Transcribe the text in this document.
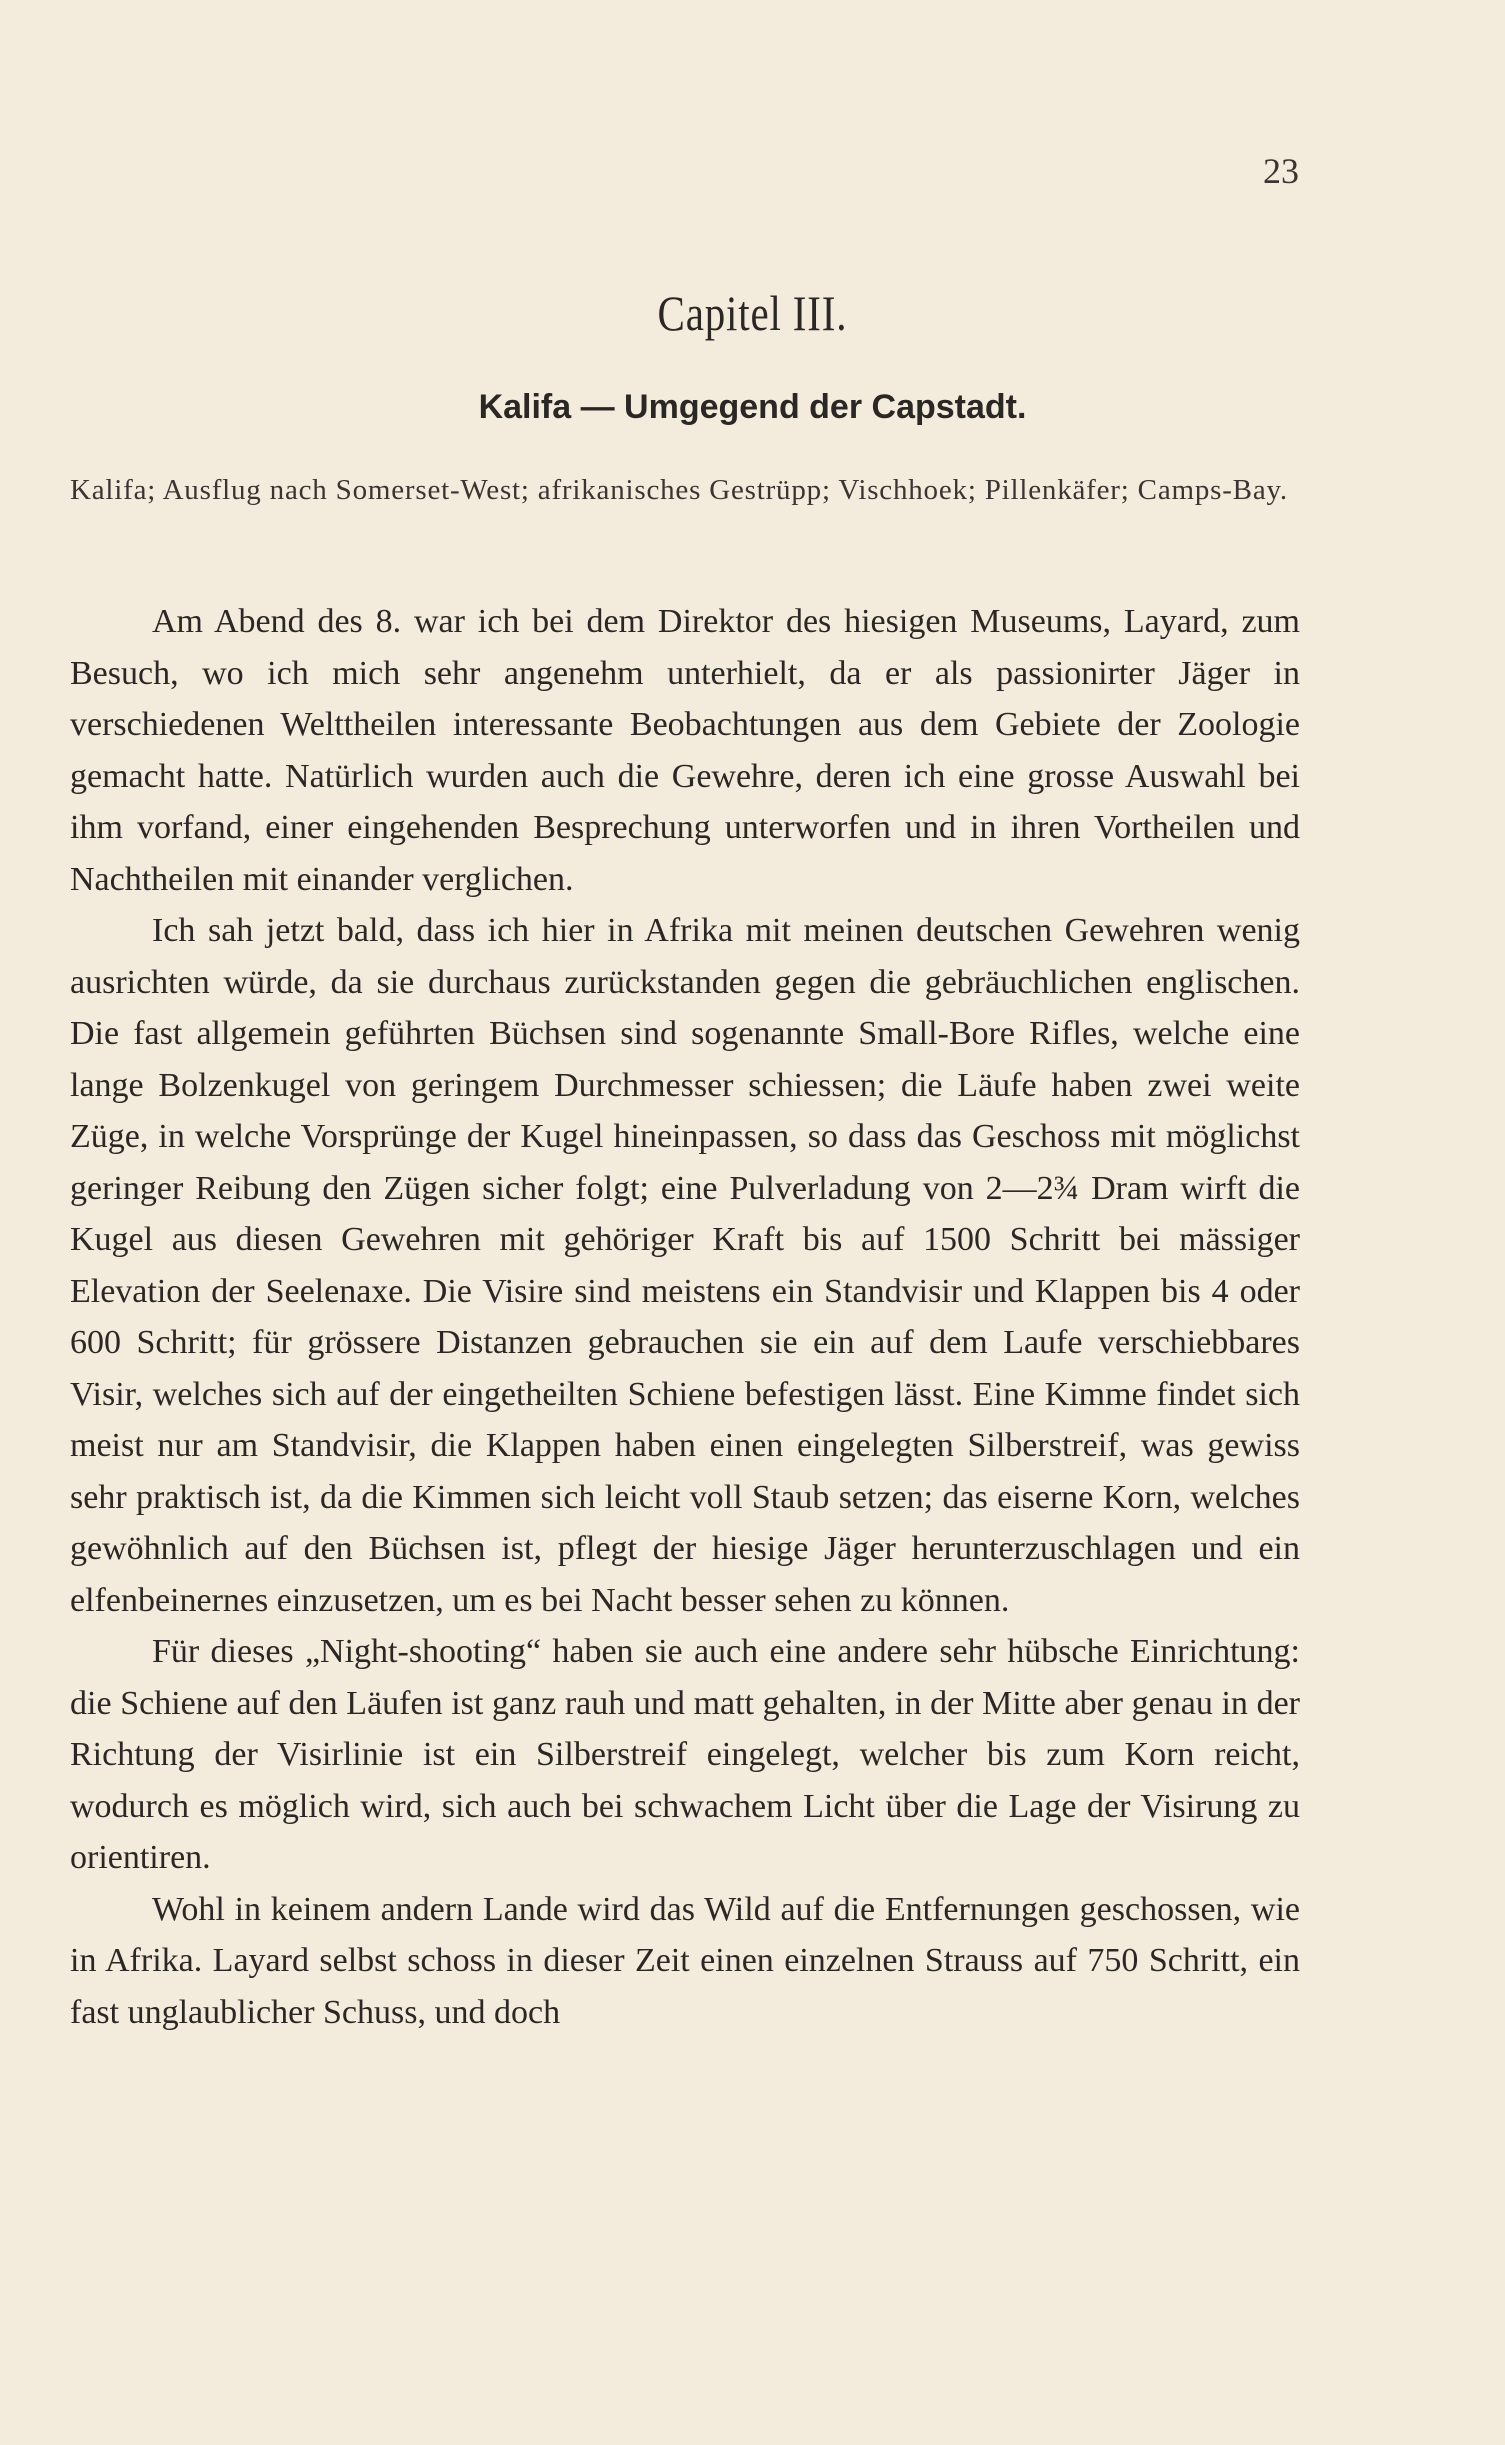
23
Capitel III.
Kalifa — Umgegend der Capstadt.
Kalifa; Ausflug nach Somerset-West; afrikanisches Gestrüpp; Vischhoek; Pillenkäfer; Camps-Bay.

Am Abend des 8. war ich bei dem Direktor des hiesigen Museums, Layard, zum Besuch, wo ich mich sehr angenehm unterhielt, da er als passionirter Jäger in verschiedenen Welttheilen interessante Beobachtungen aus dem Gebiete der Zoologie gemacht hatte. Natürlich wurden auch die Gewehre, deren ich eine grosse Auswahl bei ihm vorfand, einer eingehenden Besprechung unterworfen und in ihren Vortheilen und Nachtheilen mit einander verglichen.

Ich sah jetzt bald, dass ich hier in Afrika mit meinen deutschen Gewehren wenig ausrichten würde, da sie durchaus zurückstanden gegen die gebräuchlichen englischen. Die fast allgemein geführten Büchsen sind sogenannte Small-Bore Rifles, welche eine lange Bolzenkugel von geringem Durchmesser schiessen; die Läufe haben zwei weite Züge, in welche Vorsprünge der Kugel hineinpassen, so dass das Geschoss mit möglichst geringer Reibung den Zügen sicher folgt; eine Pulverladung von 2—2¾ Dram wirft die Kugel aus diesen Gewehren mit gehöriger Kraft bis auf 1500 Schritt bei mässiger Elevation der Seelenaxe. Die Visire sind meistens ein Standvisir und Klappen bis 4 oder 600 Schritt; für grössere Distanzen gebrauchen sie ein auf dem Laufe verschiebbares Visir, welches sich auf der eingetheilten Schiene befestigen lässt. Eine Kimme findet sich meist nur am Standvisir, die Klappen haben einen eingelegten Silberstreif, was gewiss sehr praktisch ist, da die Kimmen sich leicht voll Staub setzen; das eiserne Korn, welches gewöhnlich auf den Büchsen ist, pflegt der hiesige Jäger herunterzuschlagen und ein elfenbeinernes einzusetzen, um es bei Nacht besser sehen zu können.

Für dieses „Night-shooting“ haben sie auch eine andere sehr hübsche Einrichtung: die Schiene auf den Läufen ist ganz rauh und matt gehalten, in der Mitte aber genau in der Richtung der Visirlinie ist ein Silberstreif eingelegt, welcher bis zum Korn reicht, wodurch es möglich wird, sich auch bei schwachem Licht über die Lage der Visirung zu orientiren.

Wohl in keinem andern Lande wird das Wild auf die Entfernungen geschossen, wie in Afrika. Layard selbst schoss in dieser Zeit einen einzelnen Strauss auf 750 Schritt, ein fast unglaublicher Schuss, und doch
